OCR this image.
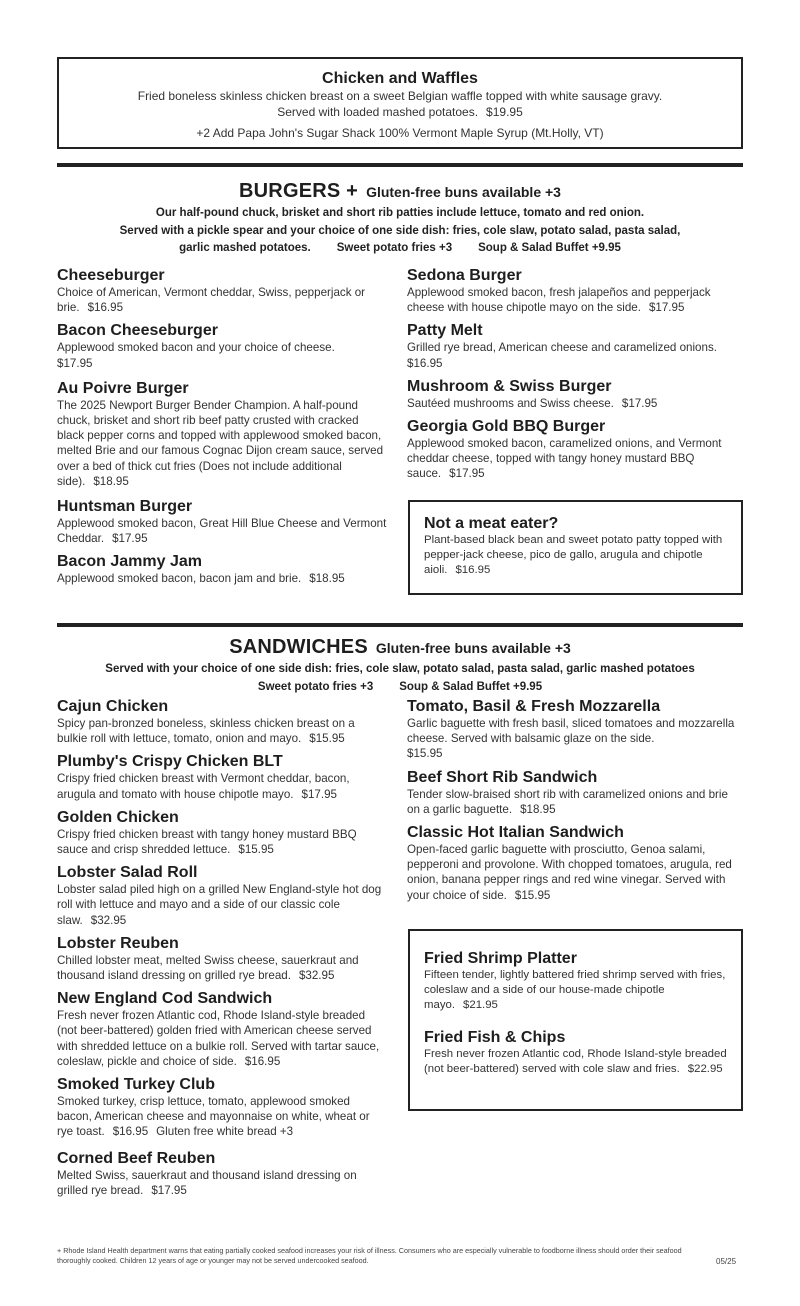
Chicken and Waffles
Fried boneless skinless chicken breast on a sweet Belgian waffle topped with white sausage gravy.
Served with loaded mashed potatoes. $19.95
+2 Add Papa John's Sugar Shack 100% Vermont Maple Syrup (Mt.Holly, VT)
BURGERS + Gluten-free buns available +3
Our half-pound chuck, brisket and short rib patties include lettuce, tomato and red onion.
Served with a pickle spear and your choice of one side dish: fries, cole slaw, potato salad, pasta salad,
garlic mashed potatoes. Sweet potato fries +3 Soup & Salad Buffet +9.95
Cheeseburger
Choice of American, Vermont cheddar, Swiss, pepperjack or brie. $16.95
Bacon Cheeseburger
Applewood smoked bacon and your choice of cheese.
$17.95
Au Poivre Burger
The 2025 Newport Burger Bender Champion. A half-pound chuck, brisket and short rib beef patty crusted with cracked black pepper corns and topped with applewood smoked bacon, melted Brie and our famous Cognac Dijon cream sauce, served over a bed of thick cut fries (Does not include additional side). $18.95
Huntsman Burger
Applewood smoked bacon, Great Hill Blue Cheese and Vermont Cheddar. $17.95
Bacon Jammy Jam
Applewood smoked bacon, bacon jam and brie. $18.95
Sedona Burger
Applewood smoked bacon, fresh jalapeños and pepperjack cheese with house chipotle mayo on the side. $17.95
Patty Melt
Grilled rye bread, American cheese and caramelized onions.
$16.95
Mushroom & Swiss Burger
Sautéed mushrooms and Swiss cheese. $17.95
Georgia Gold BBQ Burger
Applewood smoked bacon, caramelized onions, and Vermont cheddar cheese, topped with tangy honey mustard BBQ sauce. $17.95
Not a meat eater?
Plant-based black bean and sweet potato patty topped with pepper-jack cheese, pico de gallo, arugula and chipotle aioli. $16.95
SANDWICHES Gluten-free buns available +3
Served with your choice of one side dish: fries, cole slaw, potato salad, pasta salad, garlic mashed potatoes
Sweet potato fries +3 Soup & Salad Buffet +9.95
Cajun Chicken
Spicy pan-bronzed boneless, skinless chicken breast on a bulkie roll with lettuce, tomato, onion and mayo. $15.95
Plumby's Crispy Chicken BLT
Crispy fried chicken breast with Vermont cheddar, bacon, arugula and tomato with house chipotle mayo. $17.95
Golden Chicken
Crispy fried chicken breast with tangy honey mustard BBQ sauce and crisp shredded lettuce. $15.95
Lobster Salad Roll
Lobster salad piled high on a grilled New England-style hot dog roll with lettuce and mayo and a side of our classic cole slaw. $32.95
Lobster Reuben
Chilled lobster meat, melted Swiss cheese, sauerkraut and thousand island dressing on grilled rye bread. $32.95
New England Cod Sandwich
Fresh never frozen Atlantic cod, Rhode Island-style breaded (not beer-battered) golden fried with American cheese served with shredded lettuce on a bulkie roll. Served with tartar sauce, coleslaw, pickle and choice of side. $16.95
Smoked Turkey Club
Smoked turkey, crisp lettuce, tomato, applewood smoked bacon, American cheese and mayonnaise on white, wheat or rye toast. $16.95 Gluten free white bread +3
Corned Beef Reuben
Melted Swiss, sauerkraut and thousand island dressing on grilled rye bread. $17.95
Tomato, Basil & Fresh Mozzarella
Garlic baguette with fresh basil, sliced tomatoes and mozzarella cheese. Served with balsamic glaze on the side.
$15.95
Beef Short Rib Sandwich
Tender slow-braised short rib with caramelized onions and brie on a garlic baguette. $18.95
Classic Hot Italian Sandwich
Open-faced garlic baguette with prosciutto, Genoa salami, pepperoni and provolone. With chopped tomatoes, arugula, red onion, banana pepper rings and red wine vinegar. Served with your choice of side. $15.95
Fried Shrimp Platter
Fifteen tender, lightly battered fried shrimp served with fries, coleslaw and a side of our house-made chipotle mayo. $21.95
Fried Fish & Chips
Fresh never frozen Atlantic cod, Rhode Island-style breaded (not beer-battered) served with cole slaw and fries. $22.95
+ Rhode Island Health department warns that eating partially cooked seafood increases your risk of illness. Consumers who are especially vulnerable to foodborne illness should order their seafood thoroughly cooked. Children 12 years of age or younger may not be served undercooked seafood.	05/25
